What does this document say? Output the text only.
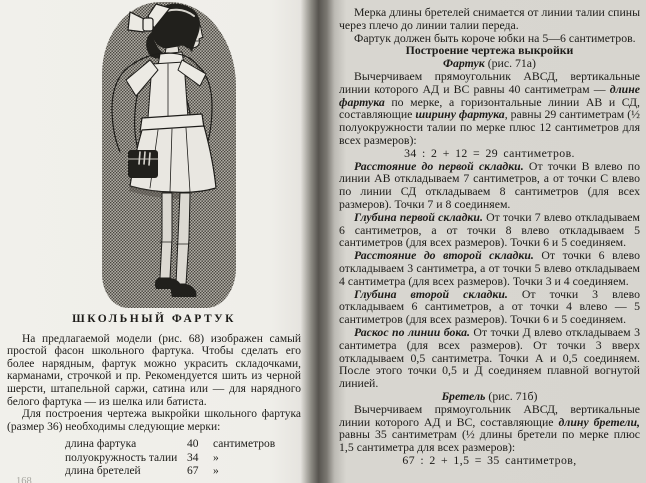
ШКОЛЬНЫЙ ФАРТУК

На предлагаемой модели (рис. 68) изображен самый простой фасон школьного фартука. Чтобы сделать его более нарядным, фартук можно украсить складочками, карманами, строчкой и пр. Рекомендуется шить из черной шерсти, штапельной саржи, сатина или — для нарядного белого фартука — из шелка или батиста.

Для построения чертежа выкройки школьного фартука (размер 36) необходимы следующие мерки:

длина фартука	40	сантиметров
полуокружность талии 34	»
длина бретелей	67	»
168

Мерка длины бретелей снимается от линии талии спины через плечо до линии талии переда.

Фартук должен быть короче юбки на 5—6 сантиметров.

Построение чертежа выкройки

Фартук (рис. 71а)

Вычерчиваем прямоугольник АВСД, вертикальные линии которого АД и ВС равны 40 сантиметрам — длине фартука по мерке, а горизонтальные линии АВ и СД, составляющие ширину фартука, равны 29 сантиметрам (½ полуокружности талии по мерке плюс 12 сантиметров для всех размеров):

34 : 2 + 12 = 29 сантиметров.

Расстояние до первой складки. От точки В влево по линии АВ откладываем 7 сантиметров, а от точки С влево по линии СД откладываем 8 сантиметров (для всех размеров). Точки 7 и 8 соединяем.

Глубина первой складки. От точки 7 влево откладываем 6 сантиметров, а от точки 8 влево откладываем 5 сантиметров (для всех размеров). Точки 6 и 5 соединяем.

Расстояние до второй складки. От точки 6 влево откладываем 3 сантиметра, а от точки 5 влево откладываем 4 сантиметра (для всех размеров). Точки 3 и 4 соединяем.

Глубина второй складки. От точки 3 влево откладываем 6 сантиметров, а от точки 4 влево — 5 сантиметров (для всех размеров). Точки 6 и 5 соединяем.

Раскос по линии бока. От точки Д влево откладываем 3 сантиметра (для всех размеров). От точки 3 вверх откладываем 0,5 сантиметра. Точки А и 0,5 соединяем. После этого точки 0,5 и Д соединяем плавной вогнутой линией.

Бретель (рис. 71б)

Вычерчиваем прямоугольник АВСД, вертикальные линии которого АД и ВС, составляющие длину бретели, равны 35 сантиметрам (½ длины бретели по мерке плюс 1,5 сантиметра для всех размеров):

67 : 2 + 1,5 = 35 сантиметров,
